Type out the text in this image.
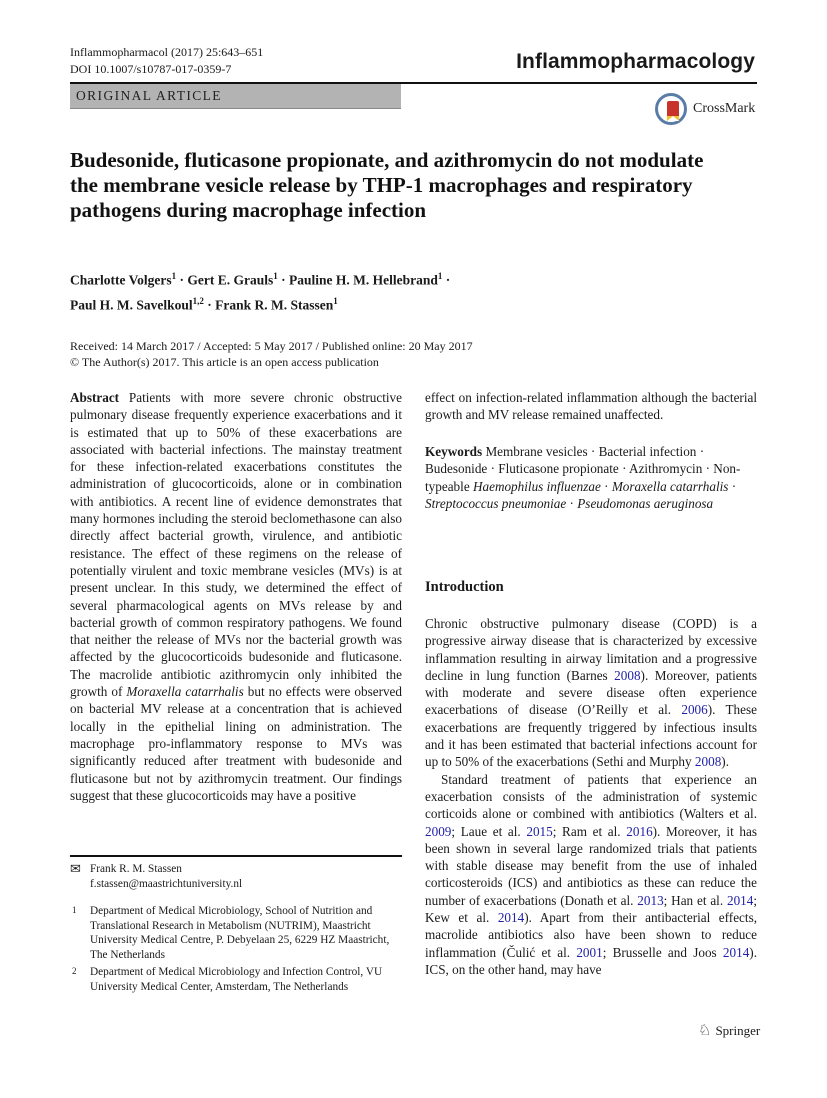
Inflammopharmacol (2017) 25:643–651
DOI 10.1007/s10787-017-0359-7	Inflammopharmacology
ORIGINAL ARTICLE
CrossMark
Budesonide, fluticasone propionate, and azithromycin do not modulate the membrane vesicle release by THP-1 macrophages and respiratory pathogens during macrophage infection
Charlotte Volgers$^1$ · Gert E. Grauls$^1$ · Pauline H. M. Hellebrand$^1$ ·
Paul H. M. Savelkoul$^{1,2}$ · Frank R. M. Stassen$^1$
Received: 14 March 2017 / Accepted: 5 May 2017 / Published online: 20 May 2017
© The Author(s) 2017. This article is an open access publication
Abstract Patients with more severe chronic obstructive pulmonary disease frequently experience exacerbations and it is estimated that up to 50% of these exacerbations are associated with bacterial infections. The mainstay treatment for these infection-related exacerbations constitutes the administration of glucocorticoids, alone or in combination with antibiotics. A recent line of evidence demonstrates that many hormones including the steroid beclomethasone can also directly affect bacterial growth, virulence, and antibiotic resistance. The effect of these regimens on the release of potentially virulent and toxic membrane vesicles (MVs) is at present unclear. In this study, we determined the effect of several pharmacological agents on MVs release by and bacterial growth of common respiratory pathogens. We found that neither the release of MVs nor the bacterial growth was affected by the glucocorticoids budesonide and fluticasone. The macrolide antibiotic azithromycin only inhibited the growth of Moraxella catarrhalis but no effects were observed on bacterial MV release at a concentration that is achieved locally in the epithelial lining on administration. The macrophage pro-inflammatory response to MVs was significantly reduced after treatment with budesonide and fluticasone but not by azithromycin treatment. Our findings suggest that these glucocorticoids may have a positive
effect on infection-related inflammation although the bacterial growth and MV release remained unaffected.
Keywords Membrane vesicles · Bacterial infection · Budesonide · Fluticasone propionate · Azithromycin · Non-typeable Haemophilus influenzae · Moraxella catarrhalis · Streptococcus pneumoniae · Pseudomonas aeruginosa
Introduction

Chronic obstructive pulmonary disease (COPD) is a progressive airway disease that is characterized by excessive inflammation resulting in airway limitation and a progressive decline in lung function (Barnes 2008). Moreover, patients with moderate and severe disease often experience exacerbations of disease (O’Reilly et al. 2006). These exacerbations are frequently triggered by infectious insults and it has been estimated that bacterial infections account for up to 50% of the exacerbations (Sethi and Murphy 2008).

Standard treatment of patients that experience an exacerbation consists of the administration of systemic corticoids alone or combined with antibiotics (Walters et al. 2009; Laue et al. 2015; Ram et al. 2016). Moreover, it has been shown in several large randomized trials that patients with stable disease may benefit from the use of inhaled corticosteroids (ICS) and antibiotics as these can reduce the number of exacerbations (Donath et al. 2013; Han et al. 2014; Kew et al. 2014). Apart from their antibacterial effects, macrolide antibiotics also have been shown to reduce inflammation (Čulić et al. 2001; Brusselle and Joos 2014). ICS, on the other hand, may have

✉ Frank R. M. Stassen
f.stassen@maastrichtuniversity.nl
1 Department of Medical Microbiology, School of Nutrition and Translational Research in Metabolism (NUTRIM), Maastricht University Medical Centre, P. Debyelaan 25, 6229 HZ Maastricht, The Netherlands
2 Department of Medical Microbiology and Infection Control, VU University Medical Center, Amsterdam, The Netherlands
♘ Springer
